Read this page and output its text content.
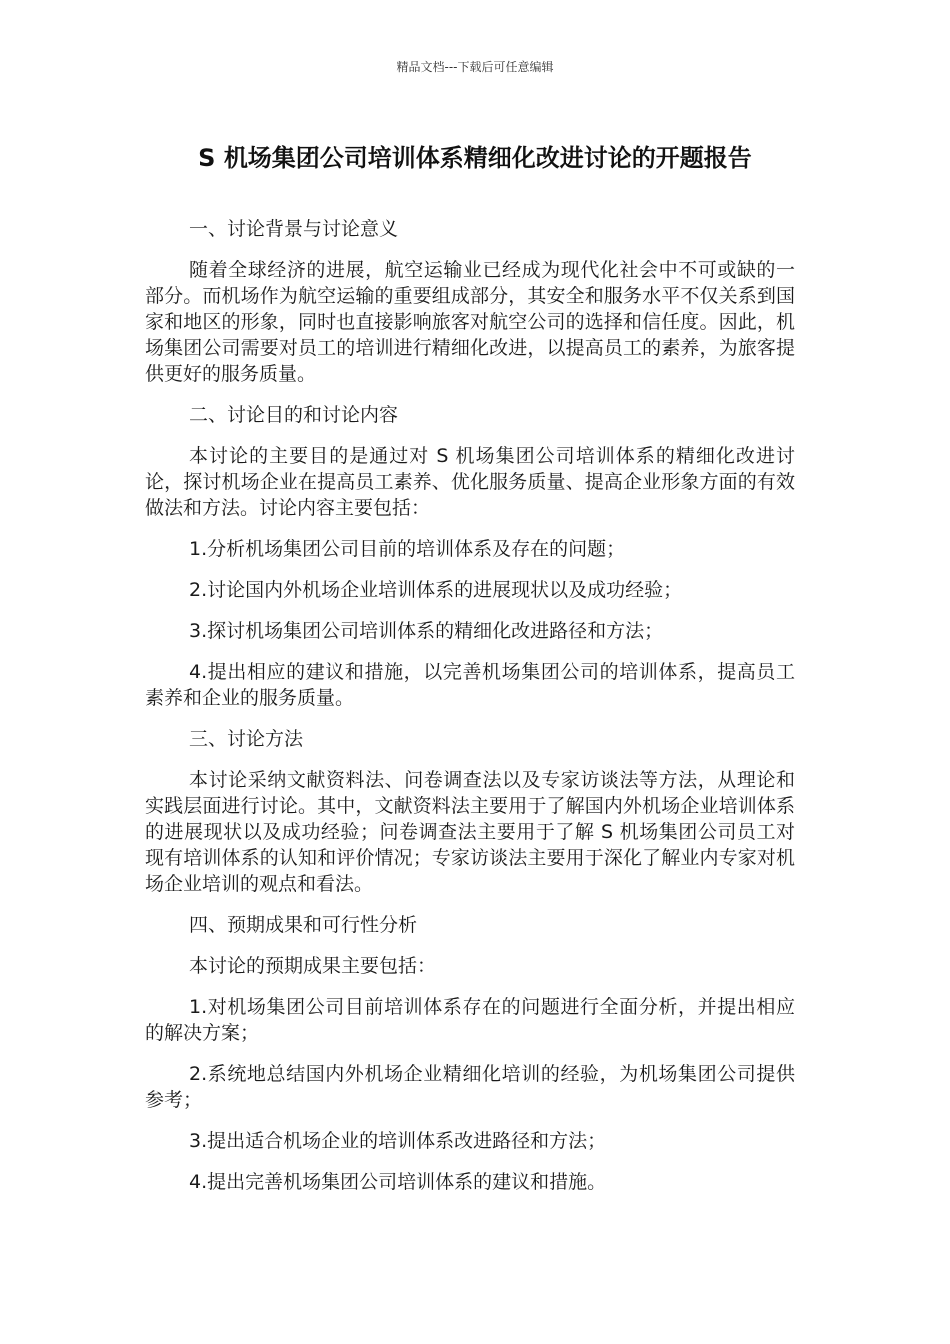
精品文档---下载后可任意编辑
S 机场集团公司培训体系精细化改进讨论的开题报告

一、讨论背景与讨论意义

随着全球经济的进展，航空运输业已经成为现代化社会中不可或缺的一部分。而机场作为航空运输的重要组成部分，其安全和服务水平不仅关系到国家和地区的形象，同时也直接影响旅客对航空公司的选择和信任度。因此，机场集团公司需要对员工的培训进行精细化改进，以提高员工的素养，为旅客提供更好的服务质量。

二、讨论目的和讨论内容

本讨论的主要目的是通过对 S 机场集团公司培训体系的精细化改进讨论，探讨机场企业在提高员工素养、优化服务质量、提高企业形象方面的有效做法和方法。讨论内容主要包括：

1.分析机场集团公司目前的培训体系及存在的问题；

2.讨论国内外机场企业培训体系的进展现状以及成功经验；

3.探讨机场集团公司培训体系的精细化改进路径和方法；

4.提出相应的建议和措施，以完善机场集团公司的培训体系，提高员工素养和企业的服务质量。

三、讨论方法

本讨论采纳文献资料法、问卷调查法以及专家访谈法等方法，从理论和实践层面进行讨论。其中，文献资料法主要用于了解国内外机场企业培训体系的进展现状以及成功经验；问卷调查法主要用于了解 S 机场集团公司员工对现有培训体系的认知和评价情况；专家访谈法主要用于深化了解业内专家对机场企业培训的观点和看法。

四、预期成果和可行性分析

本讨论的预期成果主要包括：

1.对机场集团公司目前培训体系存在的问题进行全面分析，并提出相应的解决方案；

2.系统地总结国内外机场企业精细化培训的经验，为机场集团公司提供参考；

3.提出适合机场企业的培训体系改进路径和方法；

4.提出完善机场集团公司培训体系的建议和措施。
